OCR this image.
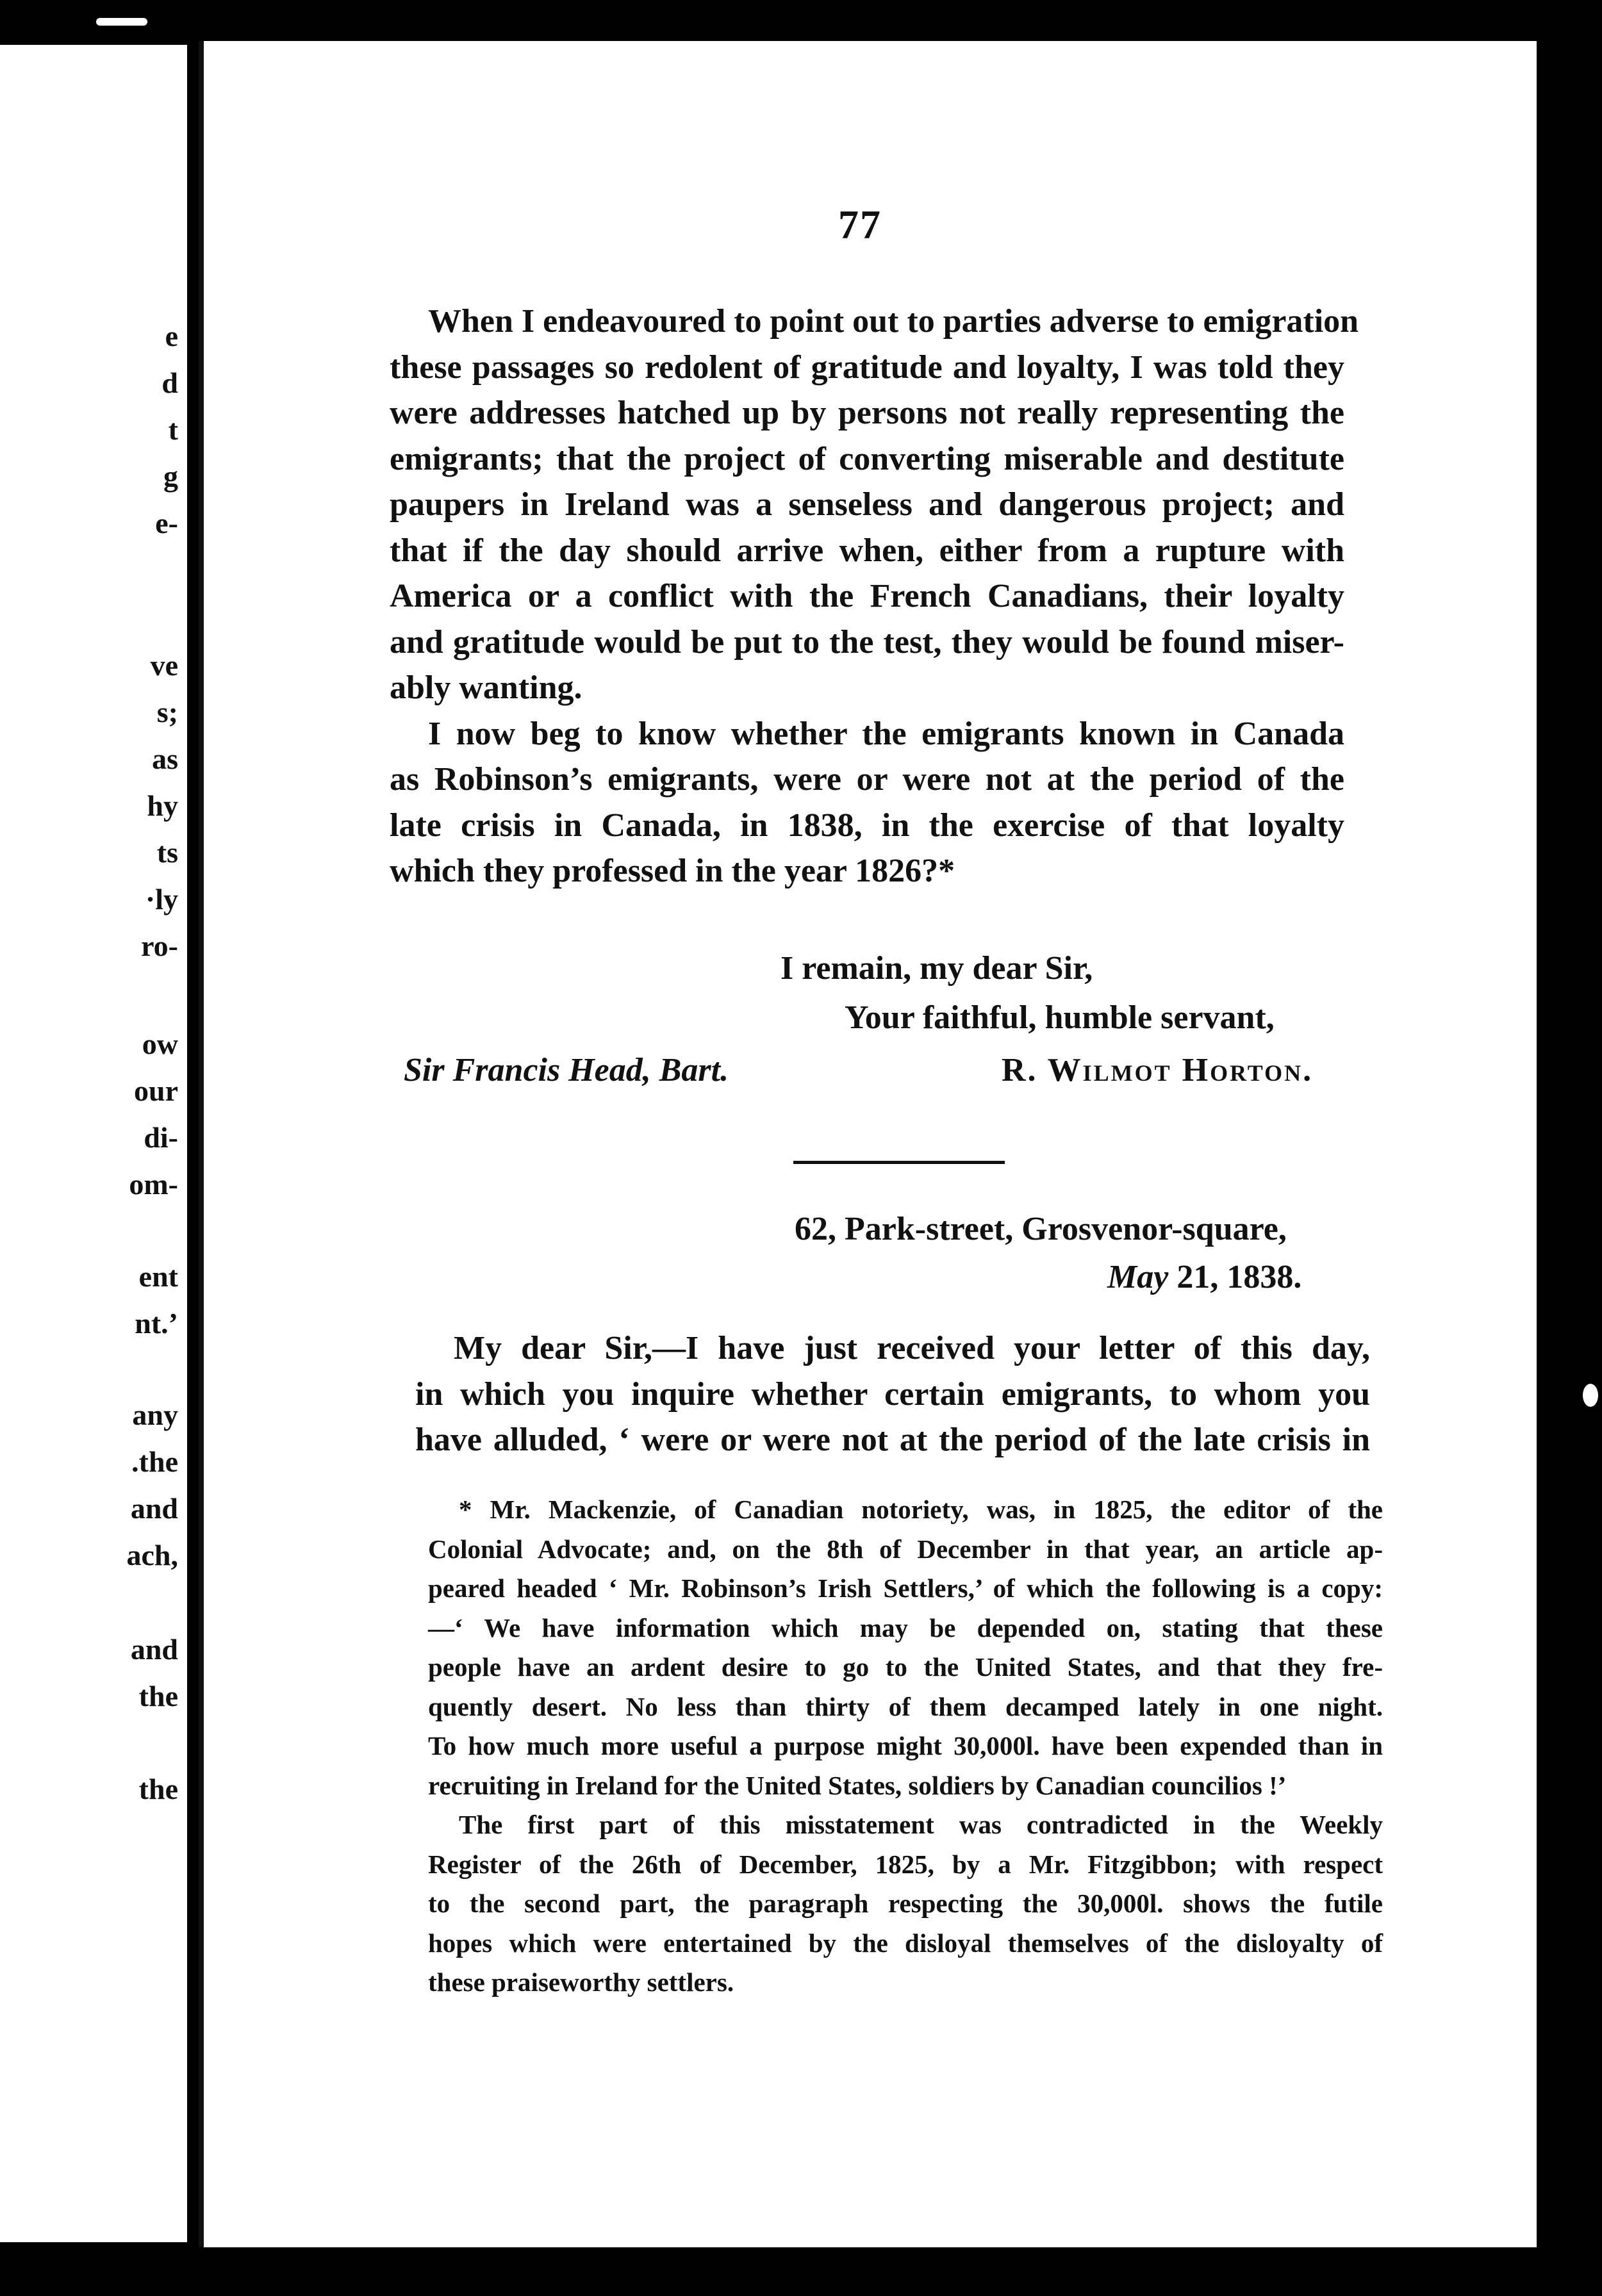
e
d
t
g
e-
ve
s;
as
hy
ts
·ly
ro-
ow
our
di-
om-
ent
nt.’
any
.the
and
ach,
and
the
the
77
When I endeavoured to point out to parties adverse to emigration
these passages so redolent of gratitude and loyalty, I was told they
were addresses hatched up by persons not really representing the
emigrants; that the project of converting miserable and destitute
paupers in Ireland was a senseless and dangerous project; and
that if the day should arrive when, either from a rupture with
America or a conflict with the French Canadians, their loyalty
and gratitude would be put to the test, they would be found miser-
ably wanting.
I now beg to know whether the emigrants known in Canada
as Robinson’s emigrants, were or were not at the period of the
late crisis in Canada, in 1838, in the exercise of that loyalty
which they professed in the year 1826?*
I remain, my dear Sir,
Your faithful, humble servant,
Sir Francis Head, Bart.	R. Wilmot Horton.
62, Park-street, Grosvenor-square,
May 21, 1838.
My dear Sir,—I have just received your letter of this day,
in which you inquire whether certain emigrants, to whom you
have alluded, ‘ were or were not at the period of the late crisis in
* Mr. Mackenzie, of Canadian notoriety, was, in 1825, the editor of the
Colonial Advocate; and, on the 8th of December in that year, an article ap-
peared headed ‘ Mr. Robinson’s Irish Settlers,’ of which the following is a copy:
—‘ We have information which may be depended on, stating that these
people have an ardent desire to go to the United States, and that they fre-
quently desert. No less than thirty of them decamped lately in one night.
To how much more useful a purpose might 30,000l. have been expended than in
recruiting in Ireland for the United States, soldiers by Canadian councilios !’
The first part of this misstatement was contradicted in the Weekly
Register of the 26th of December, 1825, by a Mr. Fitzgibbon; with respect
to the second part, the paragraph respecting the 30,000l. shows the futile
hopes which were entertained by the disloyal themselves of the disloyalty of
these praiseworthy settlers.
